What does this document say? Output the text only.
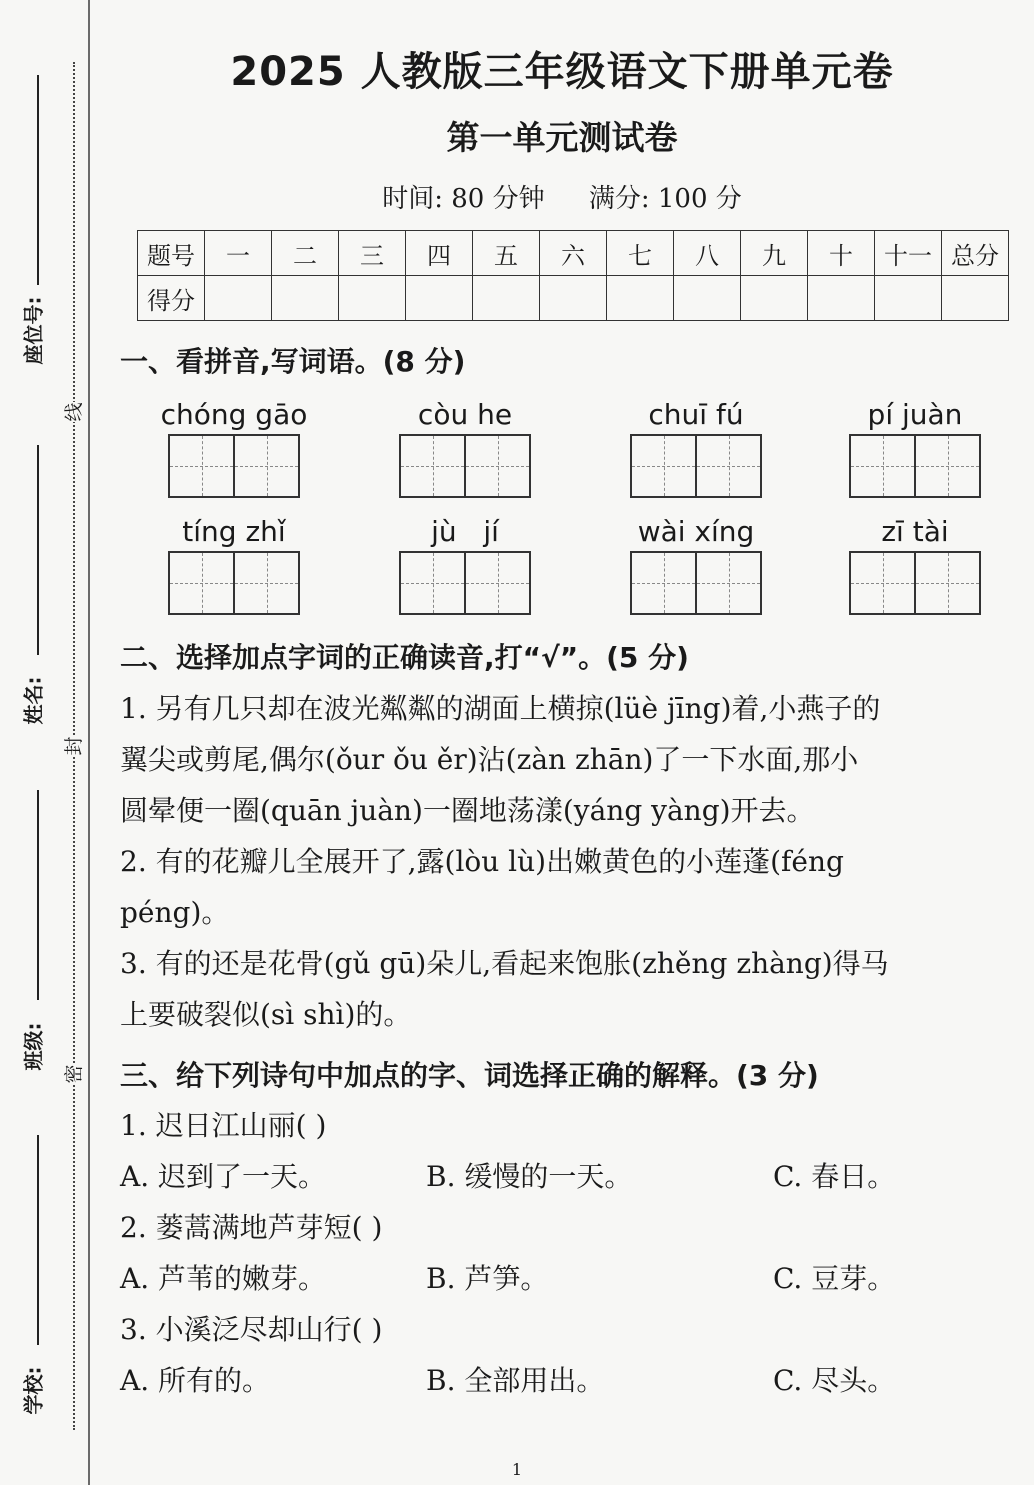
线
封
密
座位号:
姓名:
班级:
学校:
2025 人教版三年级语文下册单元卷
第一单元测试卷
时间: 80 分钟 满分: 100 分
题号	一	二	三	四	五	六	七	八	九	十	十一	总分
得分												
一、看拼音,写词语。(8 分)
chóng gāo	còu he	chuī fú	pí juàn
tíng zhǐ	jù   jí	wài xíng	zī tài
二、选择加点字词的正确读音,打“√”。(5 分)
1. 另有几只却在波光粼粼的湖面上横掠(lüè jīng)着,小燕子的
翼尖或剪尾,偶尔(ǒur ǒu ěr)沾(zàn zhān)了一下水面,那小
圆晕便一圈(quān juàn)一圈地荡漾(yáng yàng)开去。
2. 有的花瓣儿全展开了,露(lòu lù)出嫩黄色的小莲蓬(féng
péng)。
3. 有的还是花骨(gǔ gū)朵儿,看起来饱胀(zhěng zhàng)得马
上要破裂似(sì shì)的。
三、给下列诗句中加点的字、词选择正确的解释。(3 分)
1. 迟日江山丽( )
A. 迟到了一天。	B. 缓慢的一天。	C. 春日。
2. 蒌蒿满地芦芽短( )
A. 芦苇的嫩芽。	B. 芦笋。	C. 豆芽。
3. 小溪泛尽却山行( )
A. 所有的。	B. 全部用出。	C. 尽头。
1
